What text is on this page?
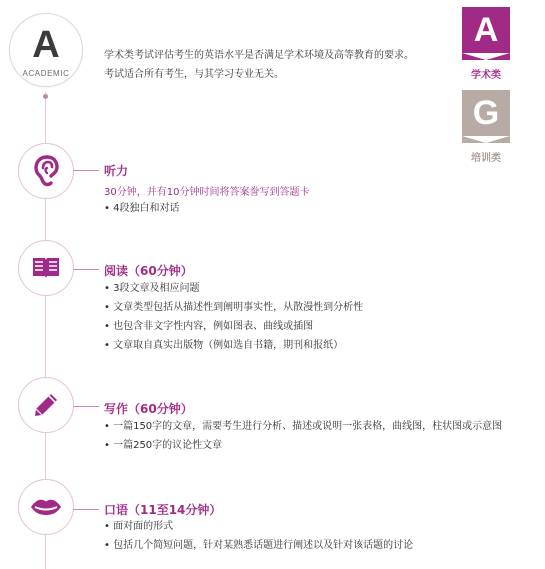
A
ACADEMIC
学术类考试评估考生的英语水平是否满足学术环境及高等教育的要求。
考试适合所有考生，与其学习专业无关。
A
学术类
G
培训类
听力
30分钟，并有10分钟时间将答案誊写到答题卡
• 4段独白和对话
阅读（60分钟）
• 3段文章及相应问题
• 文章类型包括从描述性到阐明事实性，从散漫性到分析性
• 也包含非文字性内容，例如图表、曲线或插图
• 文章取自真实出版物（例如选自书籍，期刊和报纸）
写作（60分钟）
• 一篇150字的文章，需要考生进行分析、描述或说明一张表格，曲线图，柱状图或示意图
• 一篇250字的议论性文章
口语（11至14分钟）
• 面对面的形式
• 包括几个简短问题，针对某熟悉话题进行阐述以及针对该话题的讨论
